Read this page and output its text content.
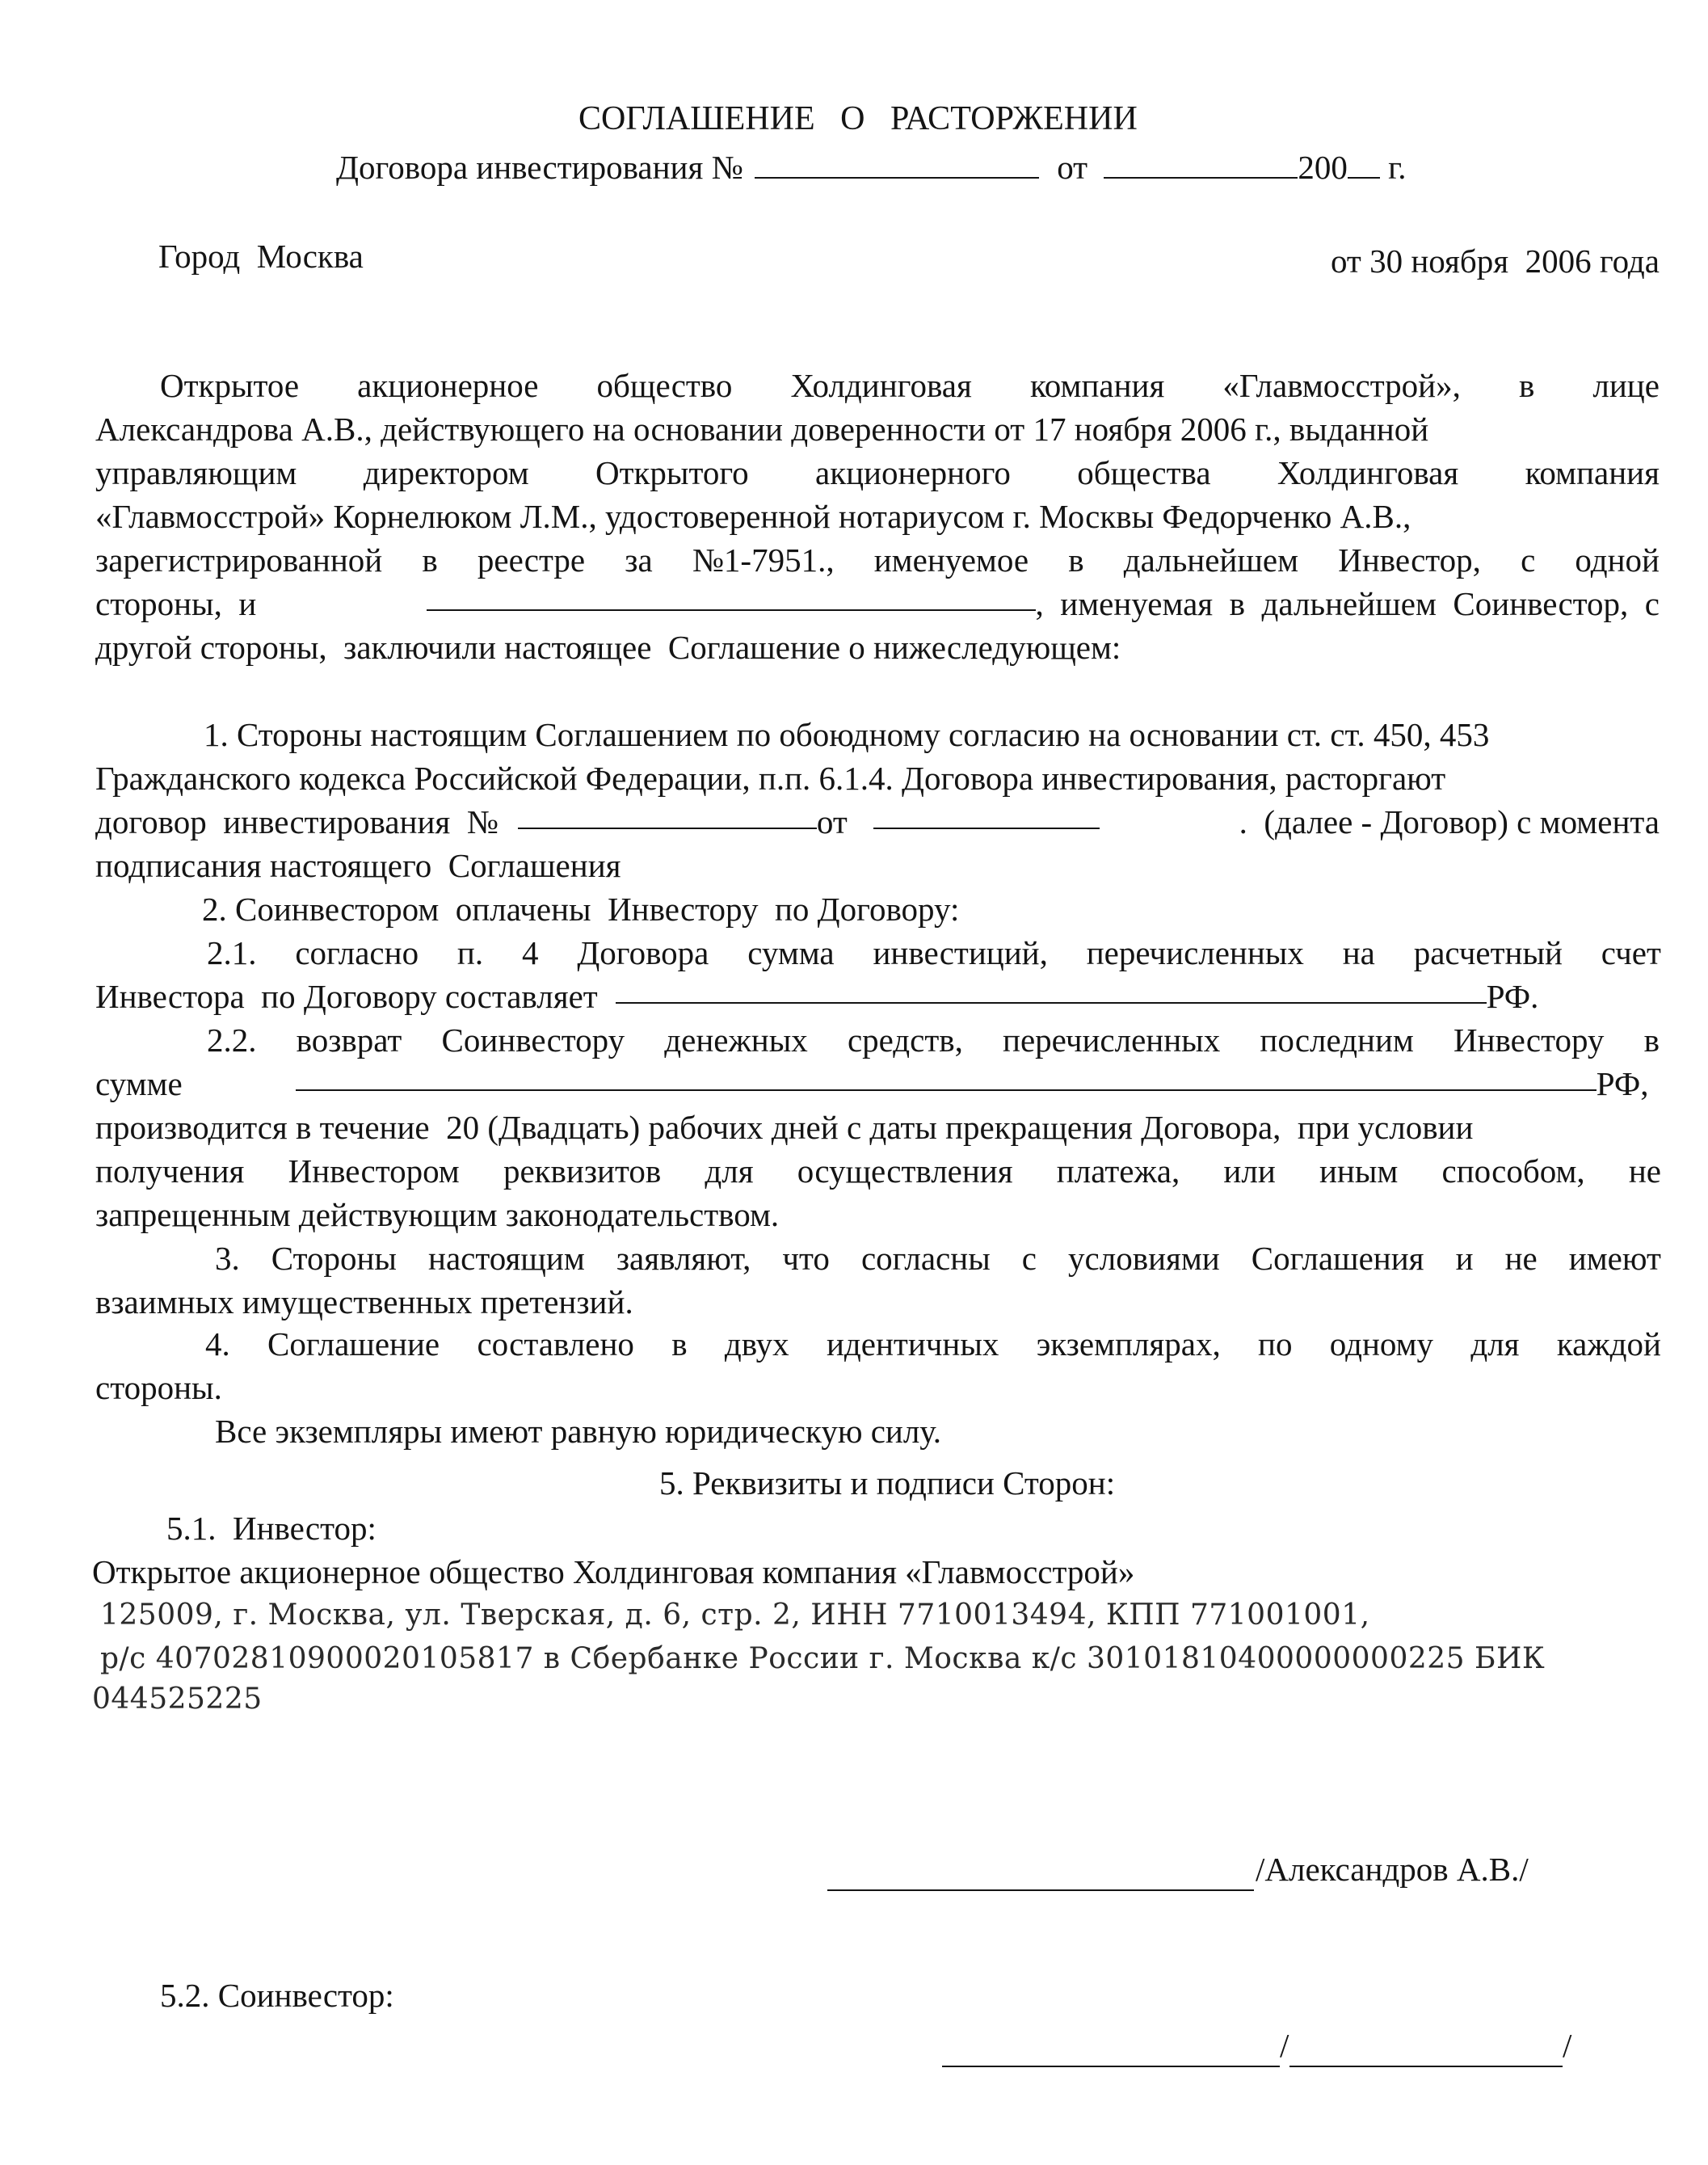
СОГЛАШЕНИЕ   О   РАСТОРЖЕНИИ
Договора инвестирования №	от	200 г.
Город  Москва	от 30 ноября  2006 года
Открытое акционерное общество Холдинговая компания «Главмосстрой», в лице
Александрова А.В., действующего на основании доверенности от 17 ноября 2006 г., выданной
управляющим директором Открытого акционерного общества Холдинговая компания
«Главмосстрой» Корнелюком Л.М., удостоверенной нотариусом г. Москвы Федорченко А.В.,
зарегистрированной в реестре за №1-7951., именуемое в дальнейшем Инвестор, с одной
стороны,  и	,  именуемая  в  дальнейшем  Соинвестор,  с
другой стороны,  заключили настоящее  Соглашение о нижеследующем:
1. Стороны настоящим Соглашением по обоюдному согласию на основании ст. ст. 450, 453
Гражданского кодекса Российской Федерации, п.п. 6.1.4. Договора инвестирования, расторгают
договор  инвестирования  №	от	.  (далее - Договор) с момента
подписания настоящего  Соглашения
2. Соинвестором  оплачены  Инвестору  по Договору:
2.1. согласно п. 4 Договора сумма инвестиций, перечисленных на расчетный счет
Инвестора  по Договору составляет	РФ.
2.2. возврат Соинвестору денежных средств, перечисленных последним Инвестору в
сумме	РФ,
производится в течение  20 (Двадцать) рабочих дней с даты прекращения Договора,  при условии
получения Инвестором реквизитов для осуществления платежа, или иным способом, не
запрещенным действующим законодательством.
3. Стороны настоящим заявляют, что согласны с условиями Соглашения и не имеют
взаимных имущественных претензий.
4. Соглашение составлено в двух идентичных экземплярах, по одному для каждой
стороны.
Все экземпляры имеют равную юридическую силу.
5. Реквизиты и подписи Сторон:
5.1.  Инвестор:
Открытое акционерное общество Холдинговая компания «Главмосстрой»
125009, г. Москва, ул. Тверская, д. 6, стр. 2, ИНН 7710013494, КПП 771001001,
р/с 40702810900020105817 в Сбербанке России г. Москва к/с 30101810400000000225 БИК
044525225
/Александров А.В./
5.2. Соинвестор:
/	/
